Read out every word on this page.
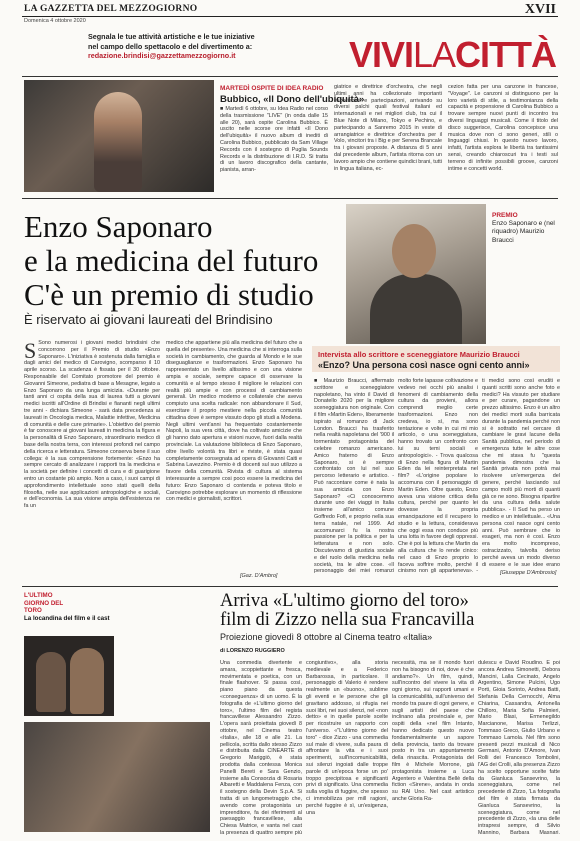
LA GAZZETTA DEL MEZZOGIORNO
Domenica 4 ottobre 2020
XVII
Segnala le tue attività artistiche e le tue iniziative
nel campo dello spettacolo e del divertimento a:
redazione.brindisi@gazzettamezzogiorno.it	VIVILACITTÀ
MARTEDÌ OSPITE DI IDEA RADIO
Bubbico, «Il Dono dell'ubiquità»
■ Martedì 6 ottobre, su Idea Radio nel corso della trasmissione "LIVE" (in onda dalle 15 alle 20), sarà ospite Carolina Bubbico. È uscito nelle scorse ore infatti «Il Dono dell'ubiquità» il nuovo album di inediti di Carolina Bubbico, pubblicato da Sam Village Records con il sostegno di Puglia Sounds Records e la distribuzione di I.R.D. Si tratta di un lavoro discografico della cantante, pianista, arran-
giatrice e direttrice d'orchestra, che negli ultimi anni ha collezionato importanti esperienze e partecipazioni, arrivando su diversi palchi quali festival italiani ed internazionali e nei migliori club, tra cui il Blue Note di Milano, Tokyo e Pechino, e partecipando a Sanremo 2015 in veste di arrangiatrice e direttrice d'orchestra per il Volo, vincitori tra i Big e per Serena Brancale tra i giovani proposte. A distanza di 5 anni dal precedente album, l'artista ritorna con un lavoro ampio che contiene quindici brani, tutti in lingua italiana, ec-
cezion fatta per una canzone in francese, "Voyage". Le canzoni si distinguono per la loro varietà di stile, a testimonianza della capacità e propensione di Carolina Bubbico a trovare sempre nuovi punti di incontro tra diversi linguaggi musicali. Come il titolo del disco suggerisce, Carolina concepisce una musica dove non ci sono generi, stili o linguaggi chiusi. In questo nuovo lavoro, infatti, l'artista esplora le libertà tra tantissimi sensi, creando chiaroscuri tra i testi sul terreno di infinite possibili groove, canzoni intime e concetti world.
Enzo Saponaro
e la medicina del futuro
C'è un premio di studio
È riservato ai giovani laureati del Brindisino
PREMIO
Enzo Saponaro e (nel riquadro) Maurizio Braucci
S Sono numerosi i giovani medici brindisini che concorrono per il Premio di studio «Enzo Saponaro». L'iniziativa è sostenuta dalla famiglia e dagli amici del medico di Carovigno, scomparso il 10 aprile scorso. La scadenza è fissata per il 30 ottobre. Responsabile del Comitato promotore del premio è Giovanni Simeone, pediatra di base a Mesagne, legato a Enzo Saponaro da una lunga amicizia. «Durante per tanti anni ci ospita della sua di laurea tutti a giovani medici iscritti all'Ordine di Brindisi e fiananti negli ultimi tre anni - dichiara Simeone - sarà data precedenza ai laureati in Oncologia medica, Malattie infettive, Medicina di comunità e delle cure primarie». L'obiettivo del premio è far conoscere ai giovani laureati in medicina la figura e la personalità di Enzo Saponaro, straordinario medico di base della nostra terra, con interessi profondi nel campo della ricerca e letteratura. Simeone conserva bene il suo collega: è la sua comprensione fortemente: «Enzo ha sempre cercato di analizzare i rapporti tra la medicina e la società per definire i concetti di cura e di guarigione entro un costante più ampio. Non a caso, i suoi campi di approfondimento intellettuale sono stati quelli della filosofia, nelle sue applicazioni antropologiche e sociali, e dell'economia. La sua visione ampia dell'esistenza ne fa un
medico che appartiene più alla medicina del futuro che a quella del presente». Una medicina che si interroga sulla società in cambiamento, che guarda al Mondo e le sue diseguaglianze e trasformazioni. Enzo Saponaro ha rappresentato un livello altissimo e con una visione ampia e sociale, sempre capace di osservare la comunità e al tempo stesso il migliore le relazioni con realtà più ampie e con processi di cambiamento generali. Un medico moderno e collaterale che aveva compiuto una scelta radicale: non abbandonare il Sud, esercitare il proprio mestiere nella piccola comunità cittadina dove è sempre vissuto dopo gli studi a Modena. Negli ultimi vent'anni ha frequentato costantemente Napoli, la sua vera città, dove ha coltivato amicizie che gli hanno dato apertura e visioni nuove, fuori dalla realtà provinciale. La valutazione biblioteca di Enzo Saponaro, oltre livello volontà tra libri e riviste, è stata quasi completamente consegnata ad opera di Giovanni Caiti e Sabrina Lavezzino. Premio è di docenti sul suo utilizzo a favore della comunità. Rivista di cultura al sistema interessante a sempre cosi poco essere la medicina del futuro: Enzo Saponaro ci contenda e poteva titolo e Carovigno potrebbe esplorare un momento di riflessione con medici e giornalisti, scrittori.
[Gaz. D'Ambro]
Intervista allo scrittore e sceneggiatore Maurizio Braucci
«Enzo? Una persona così nasce ogni cento anni»
■ Maurizio Braucci, affermato scrittore e sceneggiatore napoletano, ha vinto il David di Donatello 2020 per la migliore sceneggiatura non originale. Con il film «Martin Eden», liberamente ispirato al romanzo di Jack London. Braucci ha trasferito nella realtà napoletana del '900 il tormentato protagonista del celebre romanzo americano. Amico fraterno di Enzo Saponaro, si è sempre confrontato con lui nel suo percorso letterario e artistico. - Può raccontare come è nata la sua amicizia con Enzo Saponaro? «Ci conoscemmo durante uno dei viaggi in Italia insieme all'amico comune Goffredo Fofi, e proprio nella sua terra natale, nel 1999. Ad accomunarci fu la nostra passione per la politica e per la letteratura e non solo. Discutevamo di giustizia sociale e del ruolo della medicina nella società, tra le altre cose. «Il personaggio dei miei romanzi
molto forte lapasse coltivazione e vedevo nei occhi più analisi i fenomeni di cambiamento della cultura da provieni, allora comprendi meglio certe trasformazioni. Enzo non credeva, io sì, ma sono tentazione e volte in cui mi mio articolo, o una sceneggiatura, hanno trovato un confronto con lui su temi sociali e antropologici». - Trova qualcosa di Enzo nella figura di Martin Eden da lei reinterpretata nel film? «L'origine popolare lo accomuna con il personaggio di Martin Eden. Oltre questo, Enzo aveva una visione critica della cultura, perché per quanto lei dovesse la propria emancipazione ed il recupero lo studio e la lettura, considerava che oggi essa non conduce più una lotta in favore degli oppressi. Che è poi la lettura che Martin da alla cultura che lo rende cinico: nel caso di Enzo proprio lo faceva soffrire molto, perché il cinismo non gli apparteneva». -
ti medici sono così eruditi e quanti scritti sono anche foto e medici? Ha vissuto per studiare e per curare, pagandone un prezzo altissimo. Enzo è un altro dei medici morti sulla barricata durante la pandemia perché non si è sottratto nel cercare di cambiare le gravi lacune della Sanità pubblica, nel periodo di emergenza tutte le altre cose che mi stava fu "questa pandemia dimostra che la Sanità privata non potrà mai risolvere un'emergenza del genere, perché lasciando sul campo molti più morti di quanti già ce ne sono. Bisogna ripartire da una cultura della salute pubblica». - Il Sud ha perso un medico e un intellettuale... «Una persona così nasce ogni cento anni. Può sembrare che io esageri, ma non è così. Enzo era molto incompreso, ostracizzato, talvolta deriso perché aveva un modo diverso di essere e le sue idee erano
[Giuseppe D'Ambrosio]
L'ULTIMO
GIORNO DEL
TORO
La locandina del film e il cast
Arriva «L'ultimo giorno del toro»
film di Zizzo nella sua Francavilla
Proiezione giovedì 8 ottobre al Cinema teatro «Italia»
di LORENZO RUGGIERO
Una commedia divertente e amara, scoppiettante e fresca, movimentata e poetica, con un finale flashover. Si passa così, piano piano da questa «conseguenza» di un uomo. È la fotografia de «L'ultimo giorno del toro», l'ultimo film del regista francavillese Alessandro Zizzo. L'opera sarà proiettata giovedì 8 ottobre, nel Cinema teatro «Italia», alle 18 e alle 21. La pellicola, scritta dallo stesso Zizzo e distribuita dalla CINEARTE di Gregorio Mariggiò, è stata prodotta dalla contessa Monica Panelli Bereti e Sara Genzio, insieme alla Consorzia di Rosaria Albaretti e Maddalena Fenza, con il sostegno della Devin S.p.A. Si tratta di un lungometraggio che, avendo come protagonista un imprenditore, fa dei riferimenti al paesaggio francavillese, alla Chiesa Matrice, e vanta nel cast la presenza di quattro sempre più
congiuntivo», alla storia medievale e a Federico Barbarossa, in particolare. Il personaggio di Valerio è rendere realmente un «buono», sublime gli eventi e le persone che gli gravitano addosso, si rifugia nei suoi libri, nei suoi silenzi, nel «non detto» e in quelle parole scelte per ricostruire un rapporto con l'universo. «"L'ultimo giorno del toro" - dice Zizzo - una commedia sul male di vivere, sulla paura di affrontare la vita e i suoi sperimenti, sull'incomunicabilità, sui silenzi ingoiati dalle troppe parole di un'epoca forse un po' troppo precipitosa e significanti privi di significato. Una commedia sulla voglia di fuggire, che spesso ci immobilizza per mill ragioni, perché fuggire è sì, un'esigenza, una
necessità, ma se il mondo fuori non ha bisogno di noi, dove è che andiamo?». Un film, quindi, sull'incontro del vivere la vita di ogni giorno, sui rapporti umani e la comunicabilità, sull'universo del mondo tra paure di ogni genere, e sugli artisti del paese che inclinano alla provinciale e, per ospiti della «nel film Intanto, hanno dedicato questo nuovo fondamentalmente un sapore della provincia, tanto da trovare posto in tra un appuntamento della rinascita. Protagonista del film è Michele Morrone, già protagonista insieme a Luca Argentero e Valentina Bellè della fiction «Sirene», andata in onda su RAI Uno. Nel cast artistico anche Gloria Ra-
dulescu e David Roudino. E poi ancora Andrea Simonetti, Debora Mancini, Lalla Cecinato, Angelo Argentino, Simone Pulcini, Ugo Porti, Gioia Sorinto, Andrea Batti, Stefania Della Cernocchi, Alma Chiarina, Cassandra, Antonella Chilloro, Maria Sofia Palmieri, Mario Blasi, Ermenegildo Marcianone, Marisa Terlizzi, Tommaso Greco, Giulio Urbano e Tommaso Lamola. Nel film sono presenti pezzi musicali di Nico Germani, Antonio D'Amore, Ivan Rolli dei Francesco Tombolini, l'AG dei Crolli, alla presenza Zizzo ha scelto opportune scelte fatte da Gianluca Sansevrino, la sceneggiatura, come nel precedente di Zizzo, 'La fotografia del film è stata firmata da Gianluca Sansevrino, la sceneggiatura, come nel precedente di Zizzo, «la una delle intrapresi sempre, di Silvio Mannino, Barbara Masnari.
